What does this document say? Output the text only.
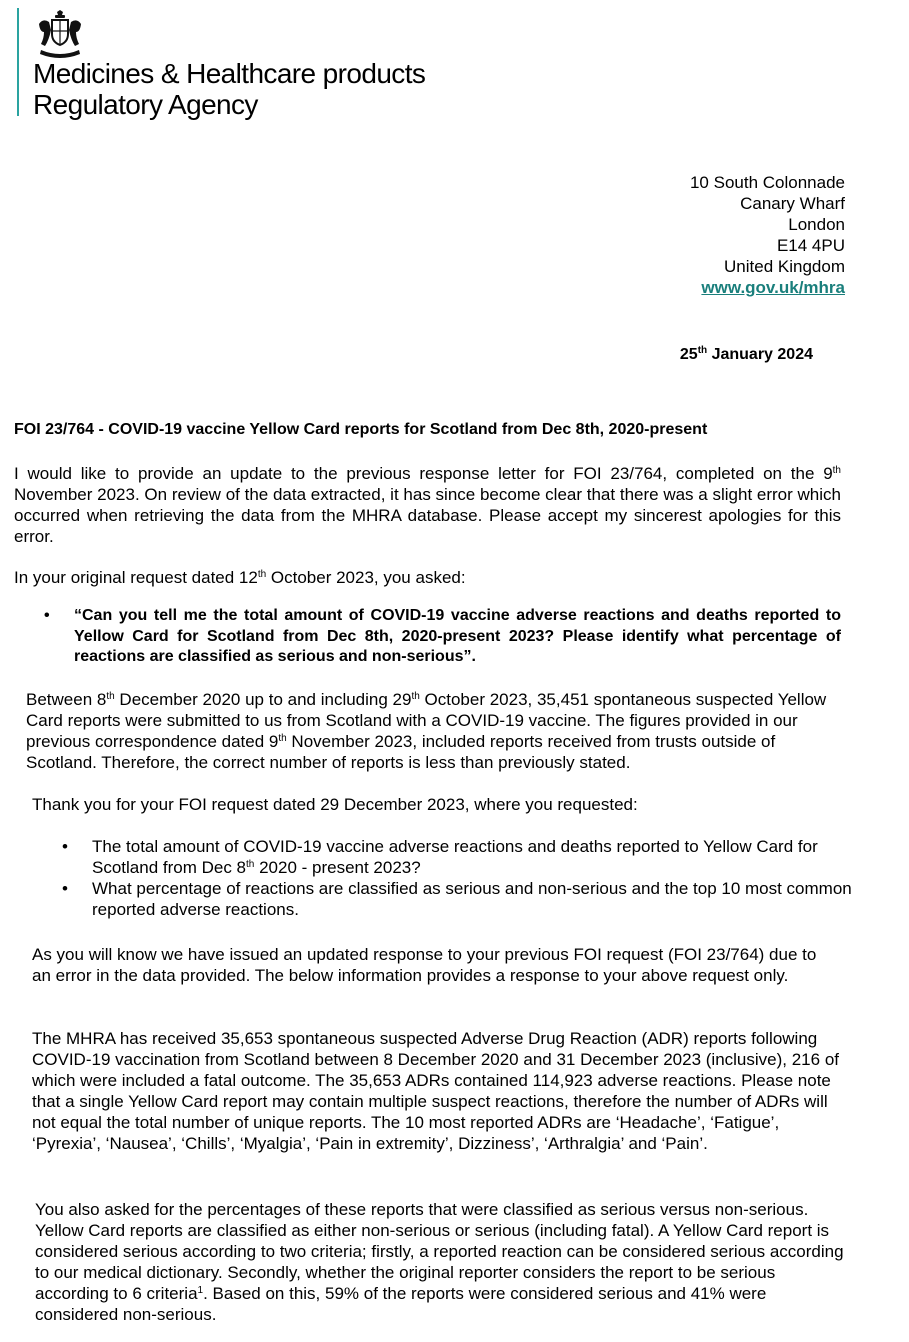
Medicines & Healthcare products
Regulatory Agency
10 South Colonnade
Canary Wharf
London
E14 4PU
United Kingdom
www.gov.uk/mhra
25th January 2024
FOI 23/764 - COVID-19 vaccine Yellow Card reports for Scotland from Dec 8th, 2020-present
I would like to provide an update to the previous response letter for FOI 23/764, completed on the 9th November 2023. On review of the data extracted, it has since become clear that there was a slight error which occurred when retrieving the data from the MHRA database. Please accept my sincerest apologies for this error.
In your original request dated 12th October 2023, you asked:
•	“Can you tell me the total amount of COVID-19 vaccine adverse reactions and deaths reported to Yellow Card for Scotland from Dec 8th, 2020-present 2023? Please identify what percentage of reactions are classified as serious and non-serious”.
Between 8th December 2020 up to and including 29th October 2023, 35,451 spontaneous suspected Yellow Card reports were submitted to us from Scotland with a COVID-19 vaccine. The figures provided in our previous correspondence dated 9th November 2023, included reports received from trusts outside of Scotland. Therefore, the correct number of reports is less than previously stated.
Thank you for your FOI request dated 29 December 2023, where you requested:
• The total amount of COVID-19 vaccine adverse reactions and deaths reported to Yellow Card for Scotland from Dec 8th 2020 - present 2023?
• What percentage of reactions are classified as serious and non-serious and the top 10 most common reported adverse reactions.
As you will know we have issued an updated response to your previous FOI request (FOI 23/764) due to an error in the data provided. The below information provides a response to your above request only.
The MHRA has received 35,653 spontaneous suspected Adverse Drug Reaction (ADR) reports following COVID-19 vaccination from Scotland between 8 December 2020 and 31 December 2023 (inclusive), 216 of which were included a fatal outcome. The 35,653 ADRs contained 114,923 adverse reactions. Please note that a single Yellow Card report may contain multiple suspect reactions, therefore the number of ADRs will not equal the total number of unique reports. The 10 most reported ADRs are ‘Headache’, ‘Fatigue’, ‘Pyrexia’, ‘Nausea’, ‘Chills’, ‘Myalgia’, ‘Pain in extremity’, Dizziness’, ‘Arthralgia’ and ‘Pain’.
You also asked for the percentages of these reports that were classified as serious versus non-serious. Yellow Card reports are classified as either non-serious or serious (including fatal). A Yellow Card report is considered serious according to two criteria; firstly, a reported reaction can be considered serious according to our medical dictionary. Secondly, whether the original reporter considers the report to be serious according to 6 criteria$^1$. Based on this, 59% of the reports were considered serious and 41% were considered non-serious.
